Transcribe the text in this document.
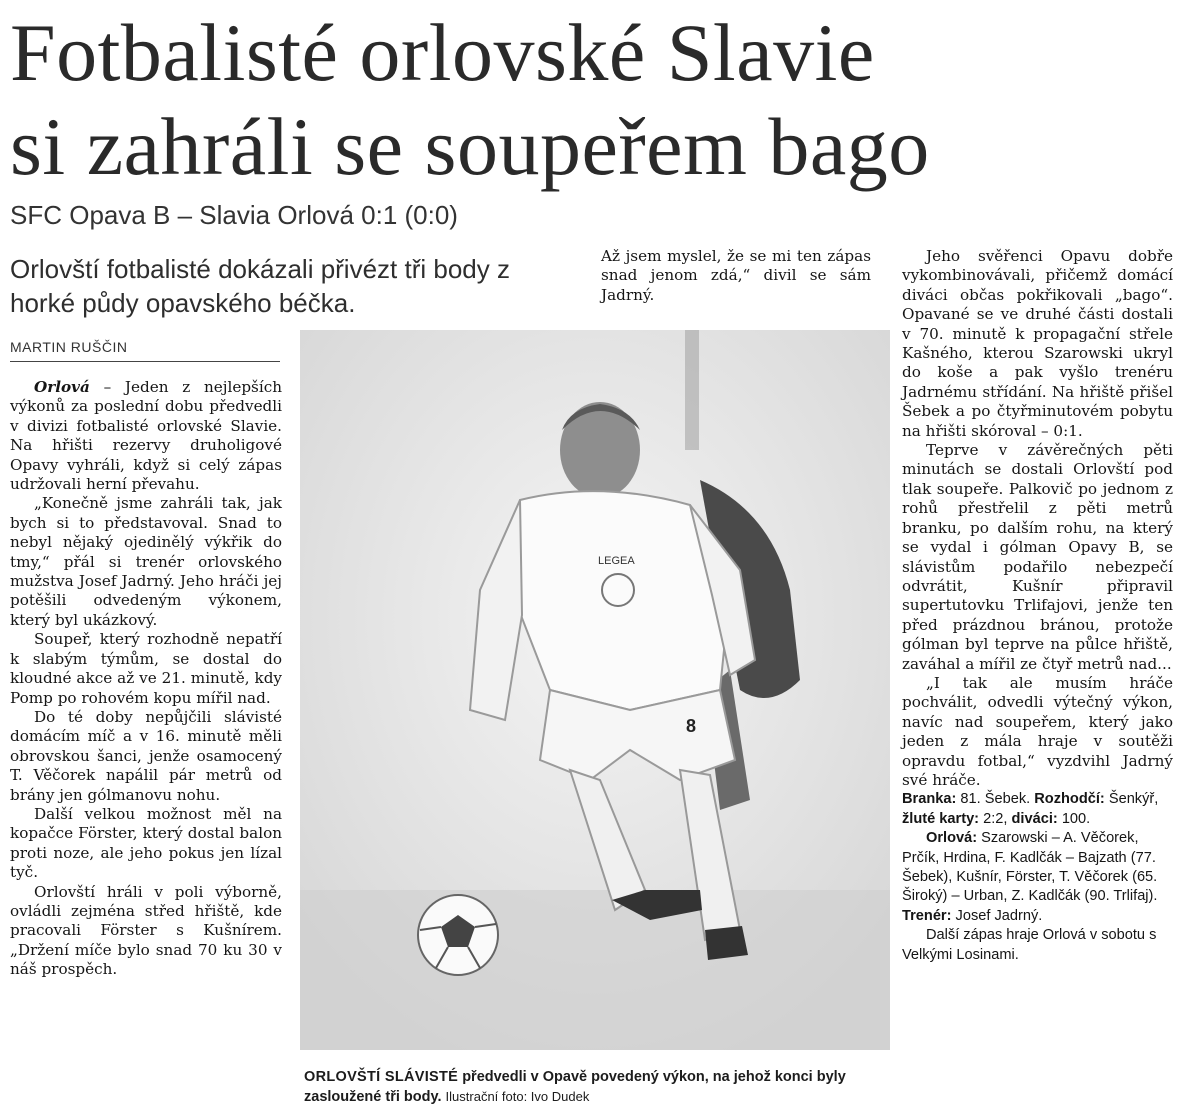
Fotbalisté orlovské Slavie
si zahráli se soupeřem bago
SFC Opava B – Slavia Orlová 0:1 (0:0)
Orlovští fotbalisté dokázali přivézt tři body z horké půdy opavského béčka.
MARTIN RUŠČIN

Orlová – Jeden z nejlepších výkonů za poslední dobu předvedli v divizi fotbalisté orlovské Slavie. Na hřišti rezervy druholigové Opavy vyhráli, když si celý zápas udržovali herní převahu.

„Konečně jsme zahráli tak, jak bych si to představoval. Snad to nebyl nějaký ojedinělý výkřik do tmy,“ přál si trenér orlovského mužstva Josef Jadrný. Jeho hráči jej potěšili odvedeným výkonem, který byl ukázkový.

Soupeř, který rozhodně nepatří k slabým týmům, se dostal do kloudné akce až ve 21. minutě, kdy Pomp po rohovém kopu mířil nad.

Do té doby nepůjčili slávisté domácím míč a v 16. minutě měli obrovskou šanci, jenže osamocený T. Věčorek napálil pár metrů od brány jen gólmanovu nohu.

Další velkou možnost měl na kopačce Förster, který dostal balon proti noze, ale jeho pokus jen lízal tyč.

Orlovští hráli v poli výborně, ovládli zejména střed hřiště, kde pracovali Förster s Kušnírem. „Držení míče bylo snad 70 ku 30 v náš prospěch.

Až jsem myslel, že se mi ten zápas snad jenom zdá,“ divil se sám Jadrný.

Jeho svěřenci Opavu dobře vykombinovávali, přičemž domácí diváci občas pokřikovali „bago“. Opavané se ve druhé části dostali v 70. minutě k propagační střele Kašného, kterou Szarowski ukryl do koše a pak vyšlo trenéru Jadrnému střídání. Na hřiště přišel Šebek a po čtyřminutovém pobytu na hřišti skóroval – 0:1.

Teprve v závěrečných pěti minutách se dostali Orlovští pod tlak soupeře. Palkovič po jednom z rohů přestřelil z pěti metrů branku, po dalším rohu, na který se vydal i gólman Opavy B, se slávistům podařilo nebezpečí odvrátit, Kušnír připravil supertutovku Trlifajovi, jenže ten před prázdnou bránou, protože gólman byl teprve na půlce hřiště, zaváhal a mířil ze čtyř metrů nad...

„I tak ale musím hráče pochválit, odvedli výtečný výkon, navíc nad soupeřem, který jako jeden z mála hraje v soutěži opravdu fotbal,“ vyzdvihl Jadrný své hráče.

Branka: 81. Šebek. Rozhodčí: Šenkýř, žluté karty: 2:2, diváci: 100.

Orlová: Szarowski – A. Věčorek, Prčík, Hrdina, F. Kadlčák – Bajzath (77. Šebek), Kušnír, Förster, T. Věčorek (65. Široký) – Urban, Z. Kadlčák (90. Trlifaj). Trenér: Josef Jadrný.

Další zápas hraje Orlová v sobotu s Velkými Losinami.

LEGEA
8
ORLOVŠTÍ SLÁVISTÉ předvedli v Opavě povedený výkon, na jehož konci byly zasloužené tři body. Ilustrační foto: Ivo Dudek
